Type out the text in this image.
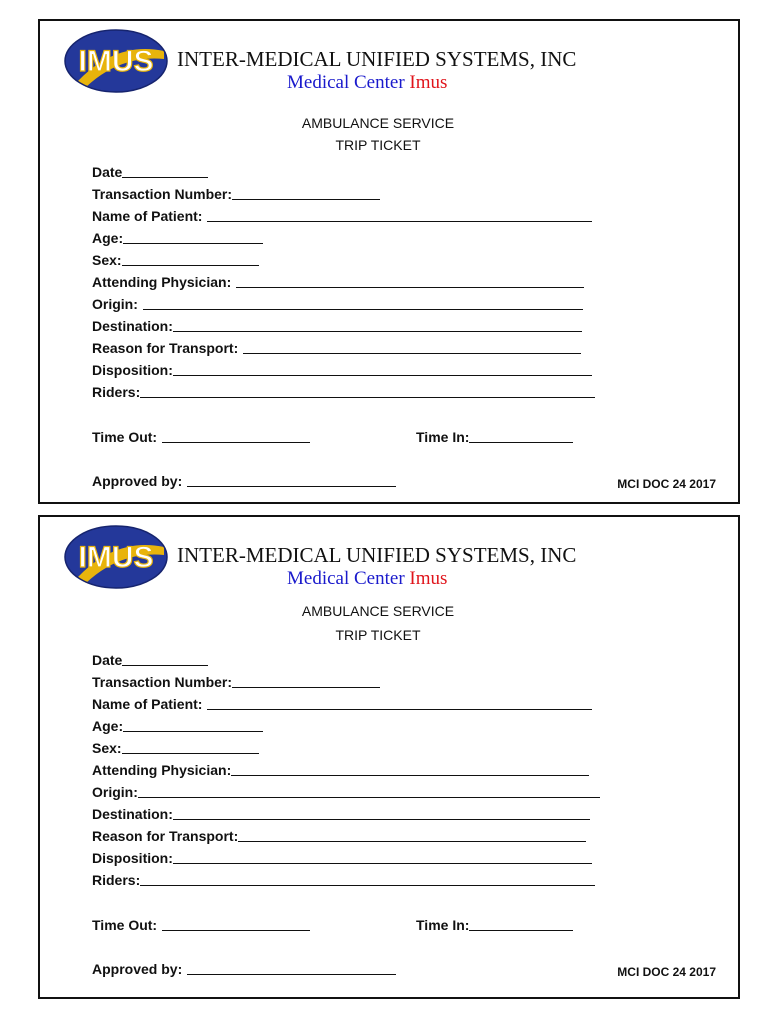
IMUS INTER-MEDICAL UNIFIED SYSTEMS, INC
Medical Center Imus
AMBULANCE SERVICE
TRIP TICKET
Date
Transaction Number:
Name of Patient:
Age:
Sex:
Attending Physician:
Origin:
Destination:
Reason for Transport:
Disposition:
Riders:
Time Out:	Time In:
Approved by:	MCI DOC 24 2017
IMUS INTER-MEDICAL UNIFIED SYSTEMS, INC
Medical Center Imus
AMBULANCE SERVICE
TRIP TICKET
Date
Transaction Number:
Name of Patient:
Age:
Sex:
Attending Physician:
Origin:
Destination:
Reason for Transport:
Disposition:
Riders:
Time Out:	Time In:
Approved by:	MCI DOC 24 2017
